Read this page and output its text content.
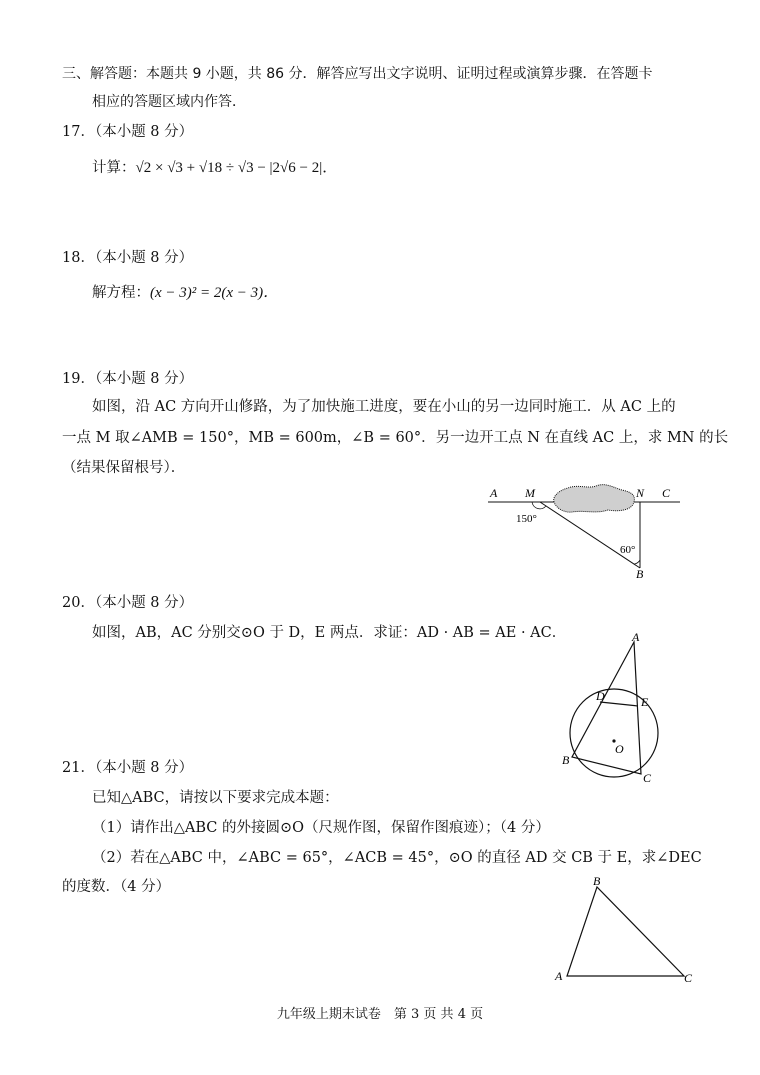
三、解答题：本题共 9 小题，共 86 分．解答应写出文字说明、证明过程或演算步骤．在答题卡
相应的答题区域内作答．
17．（本小题 8 分）
计算：√2 × √3 + √18 ÷ √3 − |2√6 − 2|．
18．（本小题 8 分）
解方程：(x − 3)² = 2(x − 3)．
19．（本小题 8 分）
如图，沿 AC 方向开山修路，为了加快施工进度，要在小山的另一边同时施工．从 AC 上的
一点 M 取∠AMB = 150°，MB = 600m，∠B = 60°．另一边开工点 N 在直线 AC 上，求 MN 的长
（结果保留根号）．
A M	N C
B
150°
60°
20．（本小题 8 分）
如图，AB，AC 分别交⊙O 于 D，E 两点．求证：AD · AB = AE · AC．	A
D	E
O
B
C
21．（本小题 8 分）
已知△ABC，请按以下要求完成本题：
（1）请作出△ABC 的外接圆⊙O（尺规作图，保留作图痕迹）；（4 分）
（2）若在△ABC 中，∠ABC = 65°，∠ACB = 45°，⊙O 的直径 AD 交 CB 于 E，求∠DEC
的度数．（4 分）	B
A	C
九年级上期末试卷　第 3 页 共 4 页
